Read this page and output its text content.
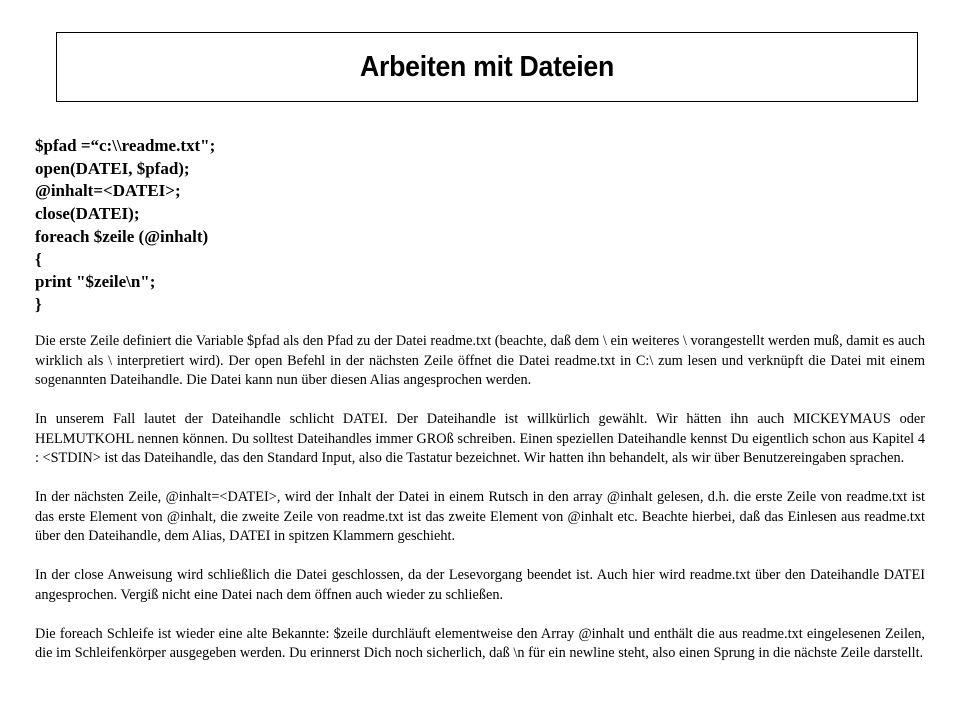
Arbeiten mit Dateien
$pfad =“c:\\readme.txt";
open(DATEI, $pfad);
@inhalt=<DATEI>;
close(DATEI);
foreach $zeile (@inhalt)
{
print "$zeile\n";
}

Die erste Zeile definiert die Variable $pfad als den Pfad zu der Datei readme.txt (beachte, daß dem \ ein weiteres \ vorangestellt werden muß, damit es auch wirklich als \ interpretiert wird). Der open Befehl in der nächsten Zeile öffnet die Datei readme.txt in C:\ zum lesen und verknüpft die Datei mit einem sogenannten Dateihandle. Die Datei kann nun über diesen Alias angesprochen werden.

In unserem Fall lautet der Dateihandle schlicht DATEI. Der Dateihandle ist willkürlich gewählt. Wir hätten ihn auch MICKEYMAUS oder HELMUTKOHL nennen können. Du solltest Dateihandles immer GROß schreiben. Einen speziellen Dateihandle kennst Du eigentlich schon aus Kapitel 4 : <STDIN> ist das Dateihandle, das den Standard Input, also die Tastatur bezeichnet. Wir hatten ihn behandelt, als wir über Benutzereingaben sprachen.

In der nächsten Zeile, @inhalt=<DATEI>, wird der Inhalt der Datei in einem Rutsch in den array @inhalt gelesen, d.h. die erste Zeile von readme.txt ist das erste Element von @inhalt, die zweite Zeile von readme.txt ist das zweite Element von @inhalt etc. Beachte hierbei, daß das Einlesen aus readme.txt über den Dateihandle, dem Alias, DATEI in spitzen Klammern geschieht.

In der close Anweisung wird schließlich die Datei geschlossen, da der Lesevorgang beendet ist. Auch hier wird readme.txt über den Dateihandle DATEI angesprochen. Vergiß nicht eine Datei nach dem öffnen auch wieder zu schließen.

Die foreach Schleife ist wieder eine alte Bekannte: $zeile durchläuft elementweise den Array @inhalt und enthält die aus readme.txt eingelesenen Zeilen, die im Schleifenkörper ausgegeben werden. Du erinnerst Dich noch sicherlich, daß \n für ein newline steht, also einen Sprung in die nächste Zeile darstellt.
